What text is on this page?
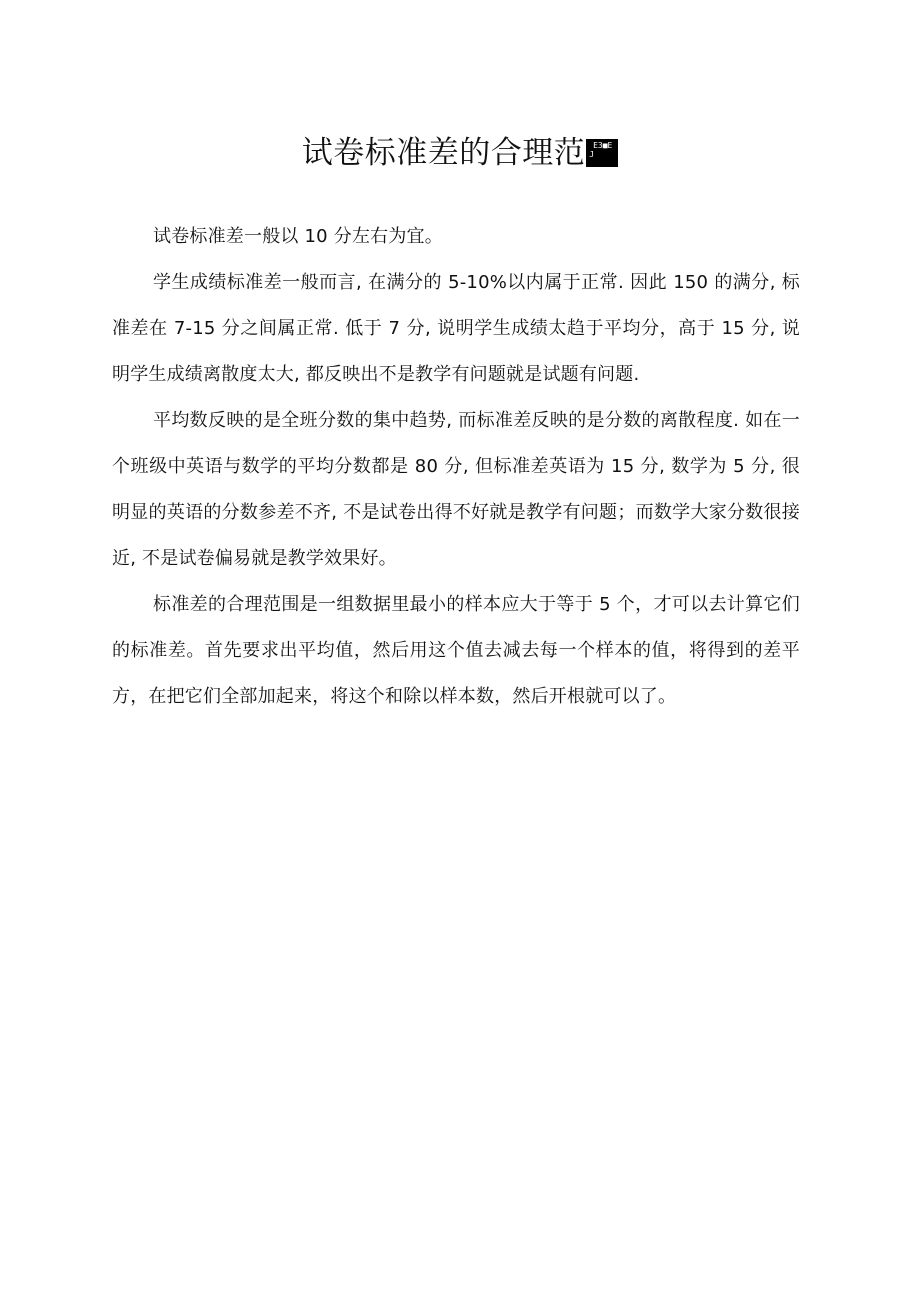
试卷标准差的合理范 E3■E
J

试卷标准差一般以 10 分左右为宜。

学生成绩标准差一般而言, 在满分的 5-10%以内属于正常. 因此 150 的满分, 标准差在 7-15 分之间属正常. 低于 7 分, 说明学生成绩太趋于平均分，高于 15 分, 说明学生成绩离散度太大, 都反映出不是教学有问题就是试题有问题.

平均数反映的是全班分数的集中趋势, 而标准差反映的是分数的离散程度. 如在一个班级中英语与数学的平均分数都是 80 分, 但标准差英语为 15 分, 数学为 5 分, 很明显的英语的分数参差不齐, 不是试卷出得不好就是教学有问题；而数学大家分数很接近, 不是试卷偏易就是教学效果好。

标准差的合理范围是一组数据里最小的样本应大于等于 5 个，才可以去计算它们的标准差。首先要求出平均值，然后用这个值去减去每一个样本的值，将得到的差平方，在把它们全部加起来，将这个和除以样本数，然后开根就可以了。
